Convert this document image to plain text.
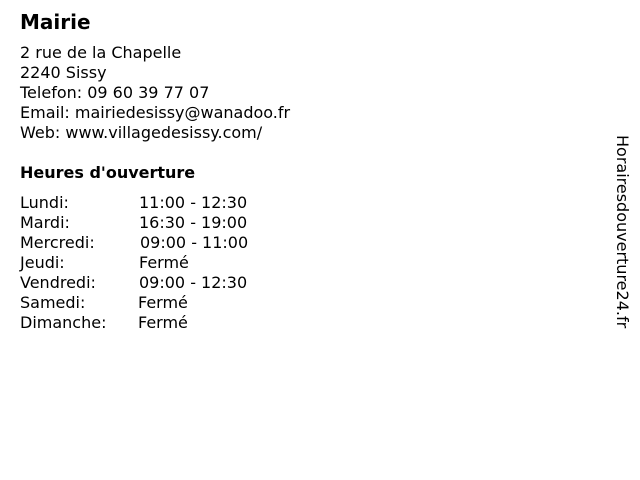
Mairie
2 rue de la Chapelle
2240 Sissy
Telefon: 09 60 39 77 07
Email: mairiedesissy@wanadoo.fr
Web: www.villagedesissy.com/
Heures d'ouverture
Lundi:	11:00 - 12:30
Mardi:	16:30 - 19:00
Mercredi:	09:00 - 11:00
Jeudi:	Fermé
Vendredi:	09:00 - 12:30
Samedi:	Fermé
Dimanche: Fermé	Horairesdouverture24.fr
